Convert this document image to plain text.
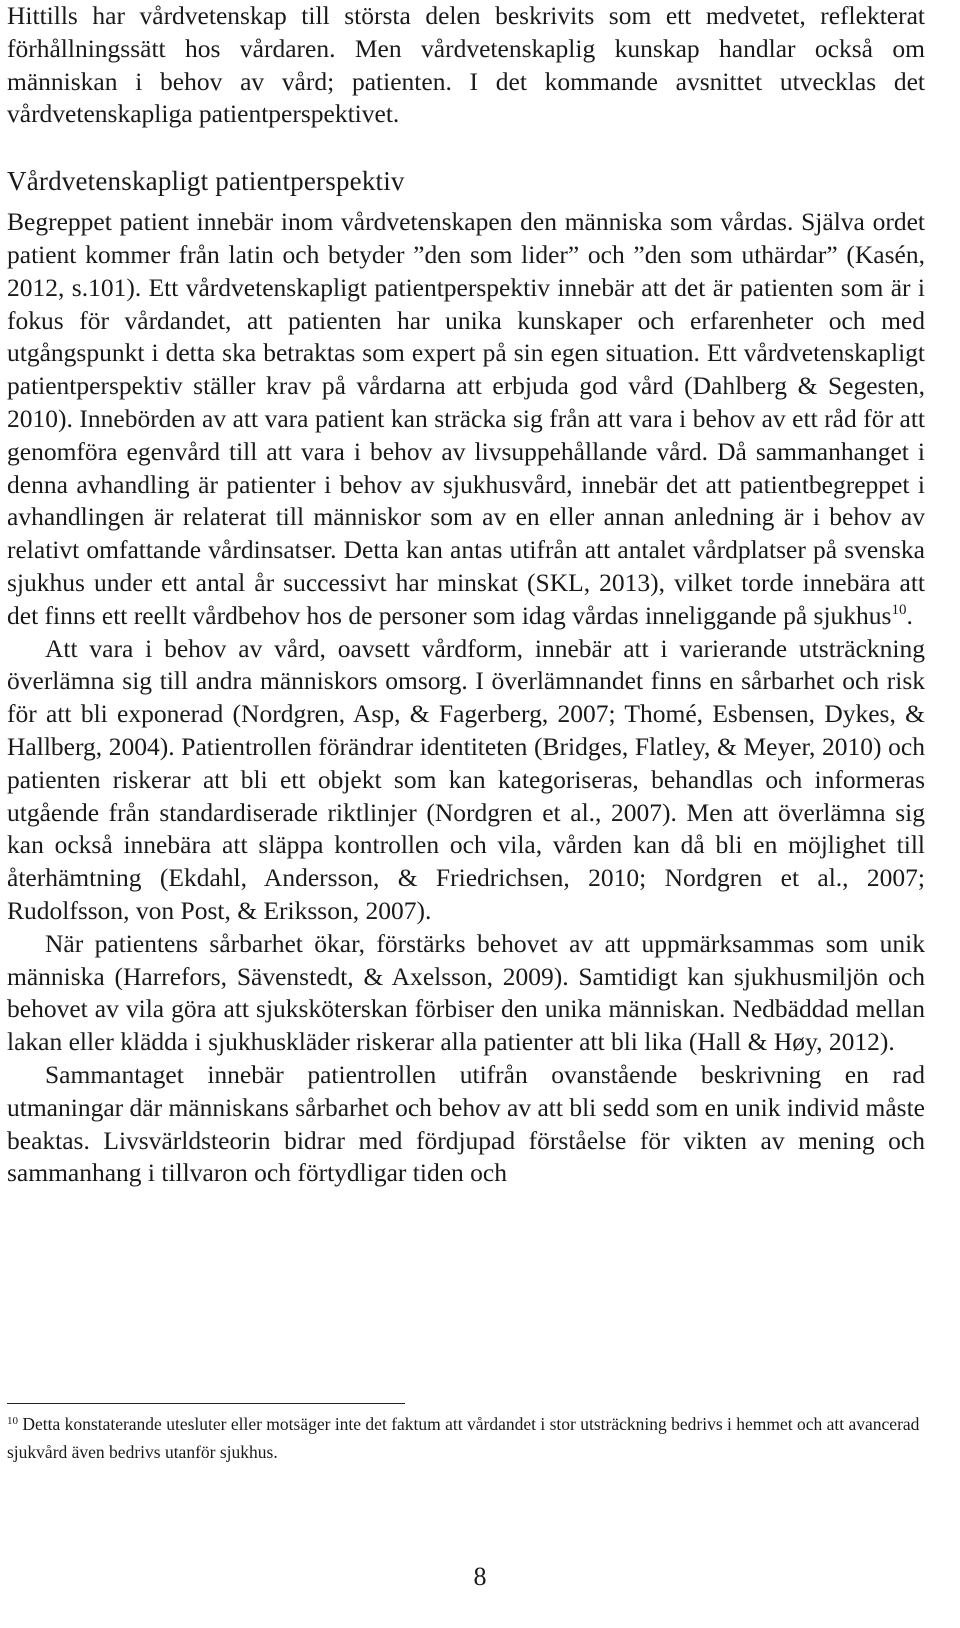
Hittills har vårdvetenskap till största delen beskrivits som ett medvetet, reflekterat förhållningssätt hos vårdaren. Men vårdvetenskaplig kunskap handlar också om människan i behov av vård; patienten. I det kommande avsnittet utvecklas det vårdvetenskapliga patientperspektivet.

Vårdvetenskapligt patientperspektiv

Begreppet patient innebär inom vårdvetenskapen den människa som vårdas. Själva ordet patient kommer från latin och betyder ”den som lider” och ”den som uthärdar” (Kasén, 2012, s.101). Ett vårdvetenskapligt patientperspektiv innebär att det är patienten som är i fokus för vårdandet, att patienten har unika kunskaper och erfarenheter och med utgångspunkt i detta ska betraktas som expert på sin egen situation. Ett vårdvetenskapligt patientperspektiv ställer krav på vårdarna att erbjuda god vård (Dahlberg & Segesten, 2010). Innebörden av att vara patient kan sträcka sig från att vara i behov av ett råd för att genomföra egenvård till att vara i behov av livsuppehållande vård. Då sammanhanget i denna avhandling är patienter i behov av sjukhusvård, innebär det att patientbegreppet i avhandlingen är relaterat till människor som av en eller annan anledning är i behov av relativt omfattande vårdinsatser. Detta kan antas utifrån att antalet vårdplatser på svenska sjukhus under ett antal år successivt har minskat (SKL, 2013), vilket torde innebära att det finns ett reellt vårdbehov hos de personer som idag vårdas inneliggande på sjukhus$^{10}$.

Att vara i behov av vård, oavsett vårdform, innebär att i varierande utsträckning överlämna sig till andra människors omsorg. I överlämnandet finns en sårbarhet och risk för att bli exponerad (Nordgren, Asp, & Fagerberg, 2007; Thomé, Esbensen, Dykes, & Hallberg, 2004). Patientrollen förändrar identiteten (Bridges, Flatley, & Meyer, 2010) och patienten riskerar att bli ett objekt som kan kategoriseras, behandlas och informeras utgående från standardiserade riktlinjer (Nordgren et al., 2007). Men att överlämna sig kan också innebära att släppa kontrollen och vila, vården kan då bli en möjlighet till återhämtning (Ekdahl, Andersson, & Friedrichsen, 2010; Nordgren et al., 2007; Rudolfsson, von Post, & Eriksson, 2007).

När patientens sårbarhet ökar, förstärks behovet av att uppmärksammas som unik människa (Harrefors, Sävenstedt, & Axelsson, 2009). Samtidigt kan sjukhusmiljön och behovet av vila göra att sjuksköterskan förbiser den unika människan. Nedbäddad mellan lakan eller klädda i sjukhuskläder riskerar alla patienter att bli lika (Hall & Høy, 2012).

Sammantaget innebär patientrollen utifrån ovanstående beskrivning en rad utmaningar där människans sårbarhet och behov av att bli sedd som en unik individ måste beaktas. Livsvärldsteorin bidrar med fördjupad förståelse för vikten av mening och sammanhang i tillvaron och förtydligar tiden och

$^{10}$ Detta konstaterande utesluter eller motsäger inte det faktum att vårdandet i stor utsträckning bedrivs i hemmet och att avancerad sjukvård även bedrivs utanför sjukhus.

8
